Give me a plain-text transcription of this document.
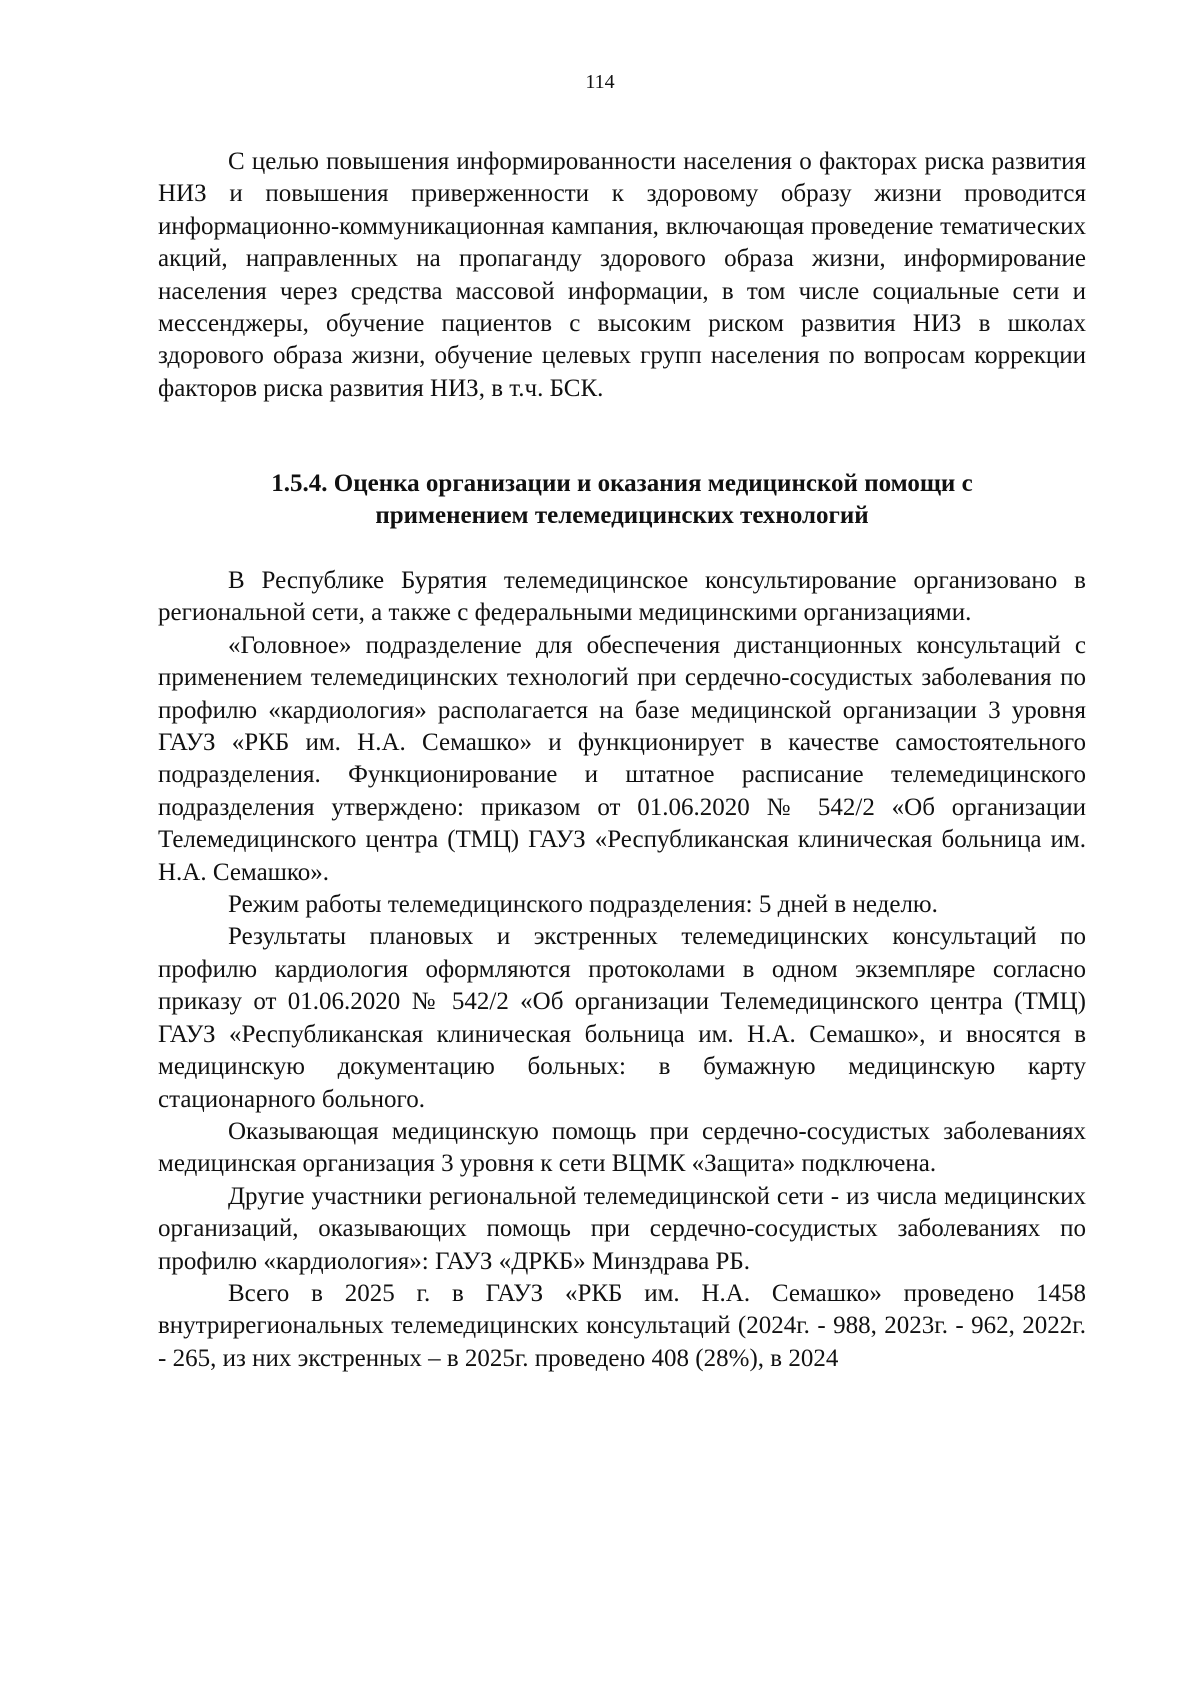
114

С целью повышения информированности населения о факторах риска развития НИЗ и повышения приверженности к здоровому образу жизни проводится информационно-коммуникационная кампания, включающая проведение тематических акций, направленных на пропаганду здорового образа жизни, информирование населения через средства массовой информации, в том числе социальные сети и мессенджеры, обучение пациентов с высоким риском развития НИЗ в школах здорового образа жизни, обучение целевых групп населения по вопросам коррекции факторов риска развития НИЗ, в т.ч. БСК.

1.5.4. Оценка организации и оказания медицинской помощи с
применением телемедицинских технологий

В Республике Бурятия телемедицинское консультирование организовано в региональной сети, а также с федеральными медицинскими организациями.

«Головное» подразделение для обеспечения дистанционных консультаций с применением телемедицинских технологий при сердечно-сосудистых заболевания по профилю «кардиология» располагается на базе медицинской организации 3 уровня ГАУЗ «РКБ им. Н.А. Семашко» и функционирует в качестве самостоятельного подразделения. Функционирование и штатное расписание телемедицинского подразделения утверждено: приказом от 01.06.2020 № 542/2 «Об организации Телемедицинского центра (ТМЦ) ГАУЗ «Республиканская клиническая больница им. Н.А. Семашко».

Режим работы телемедицинского подразделения: 5 дней в неделю.

Результаты плановых и экстренных телемедицинских консультаций по профилю кардиология оформляются протоколами в одном экземпляре согласно приказу от 01.06.2020 № 542/2 «Об организации Телемедицинского центра (ТМЦ) ГАУЗ «Республиканская клиническая больница им. Н.А. Семашко», и вносятся в медицинскую документацию больных: в бумажную медицинскую карту стационарного больного.

Оказывающая медицинскую помощь при сердечно-сосудистых заболеваниях медицинская организация 3 уровня к сети ВЦМК «Защита» подключена.

Другие участники региональной телемедицинской сети - из числа медицинских организаций, оказывающих помощь при сердечно-сосудистых заболеваниях по профилю «кардиология»: ГАУЗ «ДРКБ» Минздрава РБ.

Всего в 2025 г. в ГАУЗ «РКБ им. Н.А. Семашко» проведено 1458 внутрирегиональных телемедицинских консультаций (2024г. - 988, 2023г. - 962, 2022г. - 265, из них экстренных – в 2025г. проведено 408 (28%), в 2024
